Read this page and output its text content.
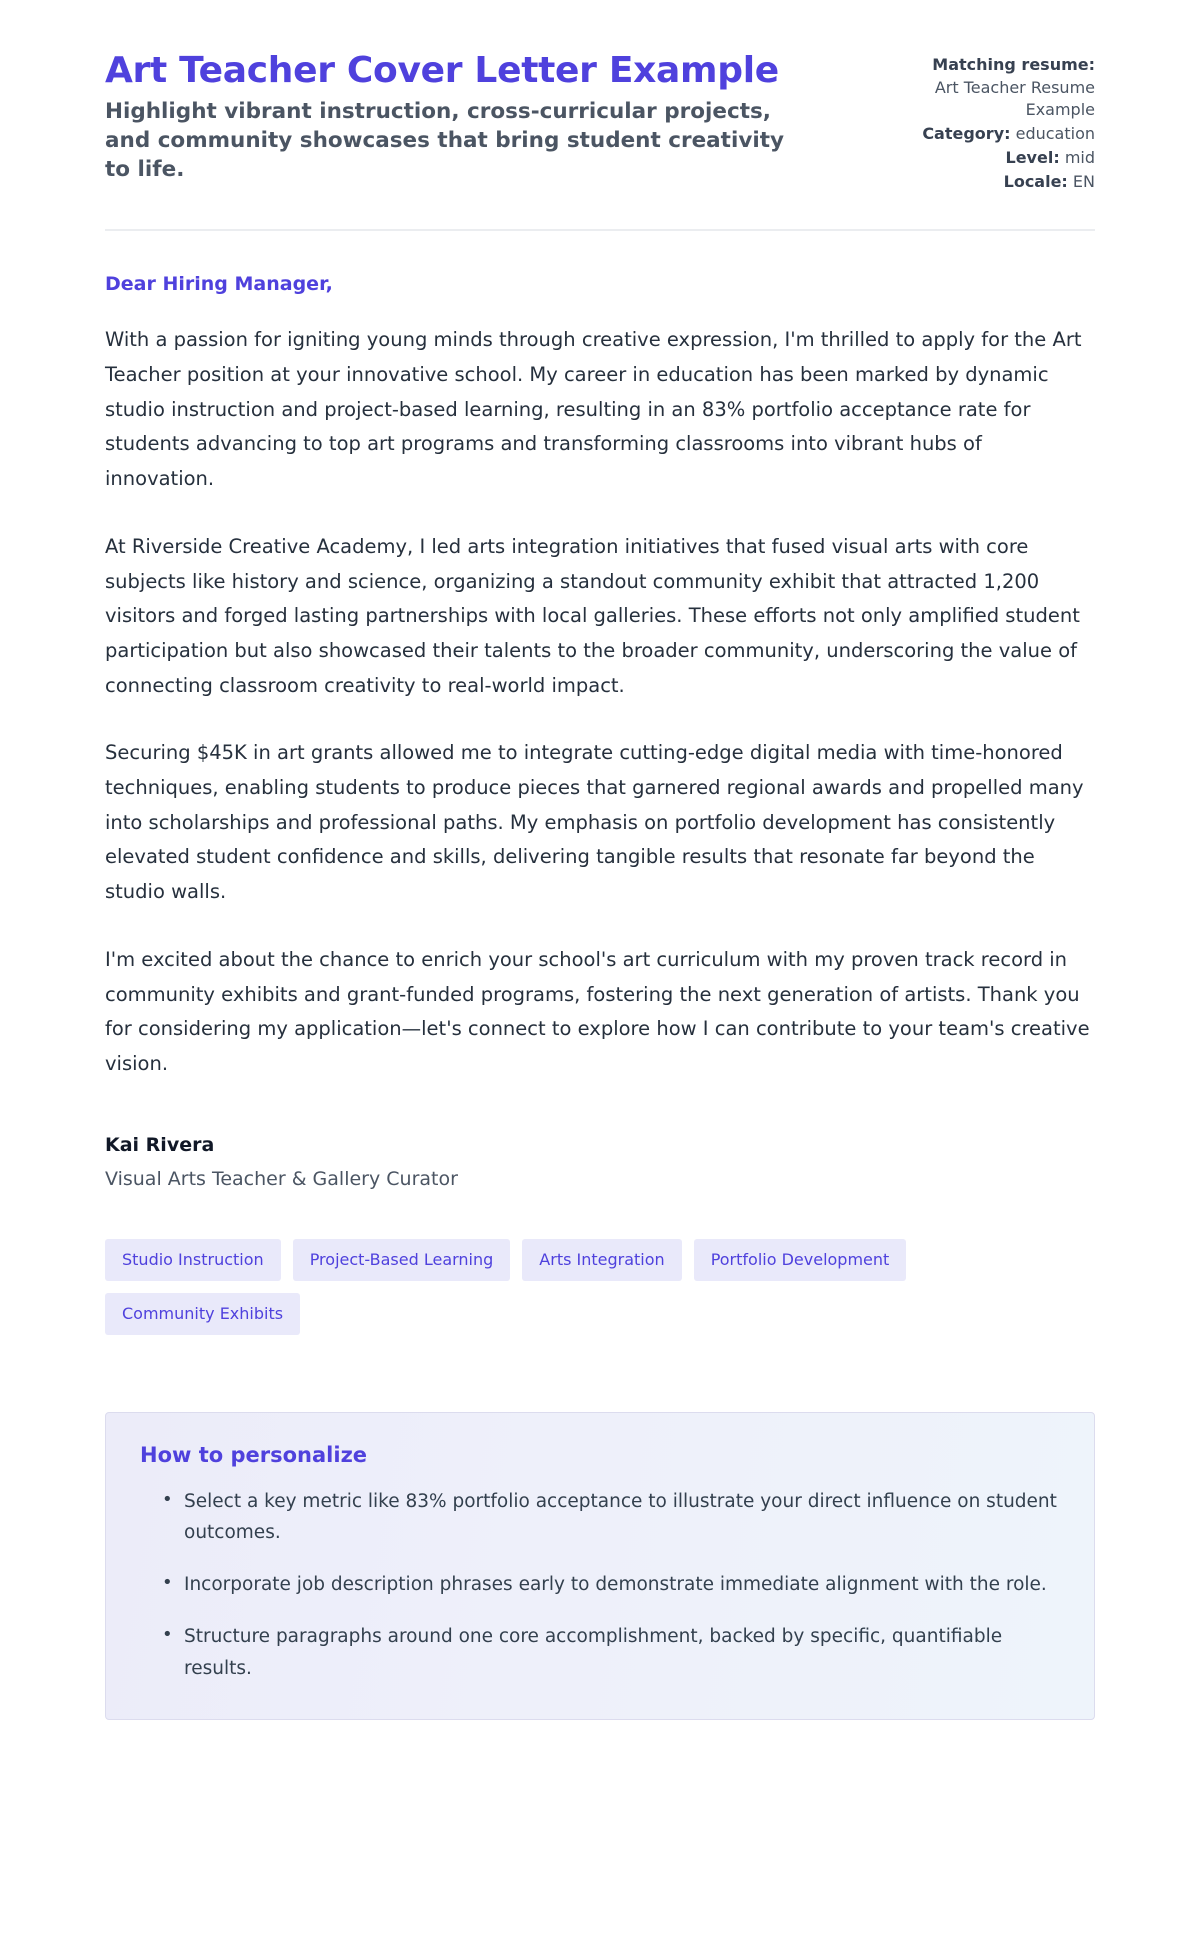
Art Teacher Cover Letter Example

Highlight vibrant instruction, cross-curricular projects, and community showcases that bring student creativity to life.

Matching resume:
Art Teacher Resume Example
Category: education
Level: mid
Locale: EN

Dear Hiring Manager,

With a passion for igniting young minds through creative expression, I'm thrilled to apply for the Art Teacher position at your innovative school. My career in education has been marked by dynamic studio instruction and project-based learning, resulting in an 83% portfolio acceptance rate for students advancing to top art programs and transforming classrooms into vibrant hubs of innovation.

At Riverside Creative Academy, I led arts integration initiatives that fused visual arts with core subjects like history and science, organizing a standout community exhibit that attracted 1,200 visitors and forged lasting partnerships with local galleries. These efforts not only amplified student participation but also showcased their talents to the broader community, underscoring the value of connecting classroom creativity to real-world impact.

Securing $45K in art grants allowed me to integrate cutting-edge digital media with time-honored techniques, enabling students to produce pieces that garnered regional awards and propelled many into scholarships and professional paths. My emphasis on portfolio development has consistently elevated student confidence and skills, delivering tangible results that resonate far beyond the studio walls.

I'm excited about the chance to enrich your school's art curriculum with my proven track record in community exhibits and grant-funded programs, fostering the next generation of artists. Thank you for considering my application—let's connect to explore how I can contribute to your team's creative vision.

Kai Rivera

Visual Arts Teacher & Gallery Curator

Studio Instruction	Project-Based Learning	Arts Integration	Portfolio Development
Community Exhibits
How to personalize
• Select a key metric like 83% portfolio acceptance to illustrate your direct influence on student outcomes.
• Incorporate job description phrases early to demonstrate immediate alignment with the role.
• Structure paragraphs around one core accomplishment, backed by specific, quantifiable results.
